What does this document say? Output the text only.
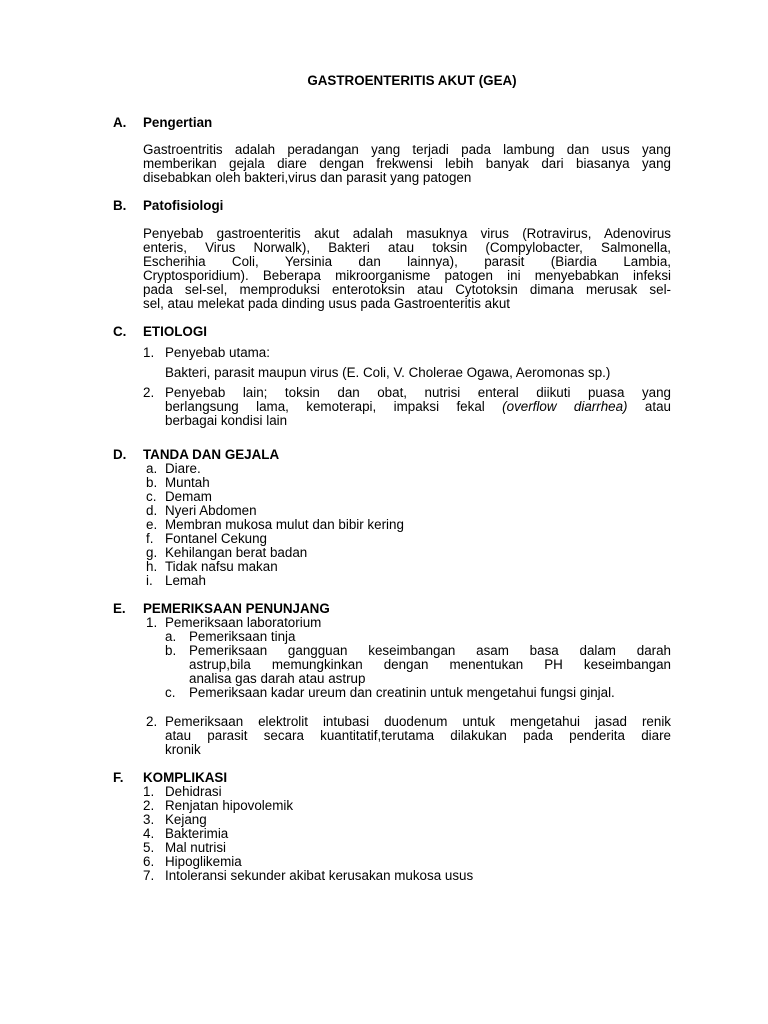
GASTROENTERITIS AKUT (GEA)
A. Pengertian
Gastroentritis adalah peradangan yang terjadi pada lambung dan usus yang
memberikan gejala diare dengan frekwensi lebih banyak dari biasanya yang
disebabkan oleh bakteri,virus dan parasit yang patogen
B. Patofisiologi
Penyebab gastroenteritis akut adalah masuknya virus (Rotravirus, Adenovirus
enteris, Virus Norwalk), Bakteri atau toksin (Compylobacter, Salmonella,
Escherihia Coli, Yersinia dan lainnya), parasit (Biardia Lambia,
Cryptosporidium). Beberapa mikroorganisme patogen ini menyebabkan infeksi
pada sel-sel, memproduksi enterotoksin atau Cytotoksin dimana merusak sel-
sel, atau melekat pada dinding usus pada Gastroenteritis akut
C. ETIOLOGI
1. Penyebab utama:
Bakteri, parasit maupun virus (E. Coli, V. Cholerae Ogawa, Aeromonas sp.)
2. Penyebab lain; toksin dan obat, nutrisi enteral diikuti puasa yang
berlangsung lama, kemoterapi, impaksi fekal (overflow diarrhea) atau
berbagai kondisi lain
D. TANDA DAN GEJALA
a. Diare.
b. Muntah
c. Demam
d. Nyeri Abdomen
e. Membran mukosa mulut dan bibir kering
f. Fontanel Cekung
g. Kehilangan berat badan
h. Tidak nafsu makan
i. Lemah
E. PEMERIKSAAN PENUNJANG
1. Pemeriksaan laboratorium
a. Pemeriksaan tinja
b. Pemeriksaan gangguan keseimbangan asam basa dalam darah
astrup,bila memungkinkan dengan menentukan PH keseimbangan
analisa gas darah atau astrup
c. Pemeriksaan kadar ureum dan creatinin untuk mengetahui fungsi ginjal.
2. Pemeriksaan elektrolit intubasi duodenum untuk mengetahui jasad renik
atau parasit secara kuantitatif,terutama dilakukan pada penderita diare
kronik
F. KOMPLIKASI
1. Dehidrasi
2. Renjatan hipovolemik
3. Kejang
4. Bakterimia
5. Mal nutrisi
6. Hipoglikemia
7. Intoleransi sekunder akibat kerusakan mukosa usus
